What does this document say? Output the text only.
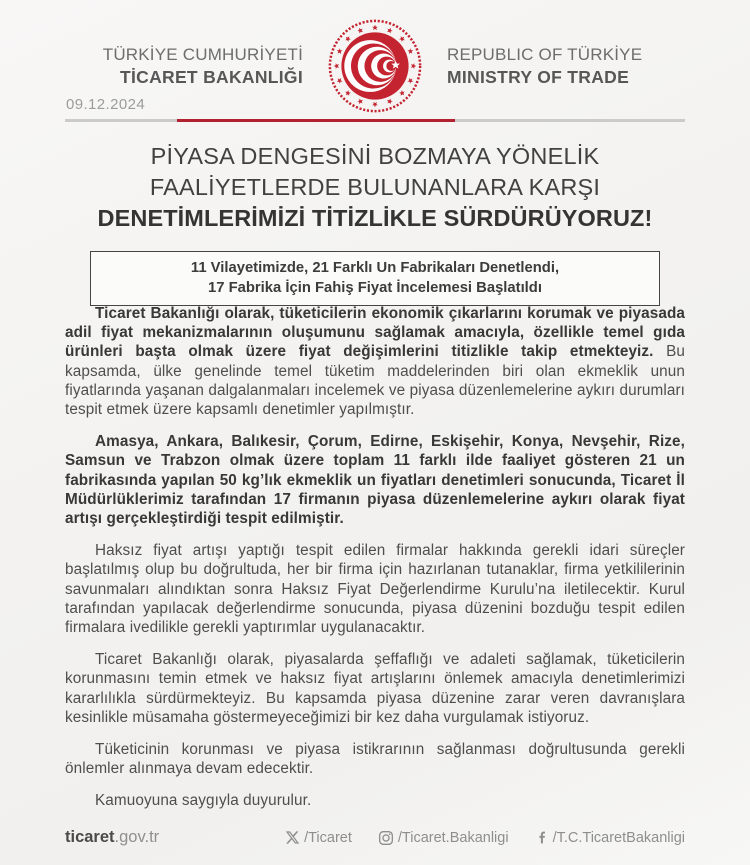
TÜRKİYE CUMHURİYETİ
TİCARET BAKANLIĞI
REPUBLIC OF TÜRKİYE
MINISTRY OF TRADE
09.12.2024
PİYASA DENGESİNİ BOZMAYA YÖNELİK
FAALİYETLERDE BULUNANLARA KARŞI
DENETİMLERİMİZİ TİTİZLİKLE SÜRDÜRÜYORUZ!
11 Vilayetimizde, 21 Farklı Un Fabrikaları Denetlendi,
17 Fabrika İçin Fahiş Fiyat İncelemesi Başlatıldı

Ticaret Bakanlığı olarak, tüketicilerin ekonomik çıkarlarını korumak ve piyasada adil fiyat mekanizmalarının oluşumunu sağlamak amacıyla, özellikle temel gıda ürünleri başta olmak üzere fiyat değişimlerini titizlikle takip etmekteyiz. Bu kapsamda, ülke genelinde temel tüketim maddelerinden biri olan ekmeklik unun fiyatlarında yaşanan dalgalanmaları incelemek ve piyasa düzenlemelerine aykırı durumları tespit etmek üzere kapsamlı denetimler yapılmıştır.

Amasya, Ankara, Balıkesir, Çorum, Edirne, Eskişehir, Konya, Nevşehir, Rize, Samsun ve Trabzon olmak üzere toplam 11 farklı ilde faaliyet gösteren 21 un fabrikasında yapılan 50 kg’lık ekmeklik un fiyatları denetimleri sonucunda, Ticaret İl Müdürlüklerimiz tarafından 17 firmanın piyasa düzenlemelerine aykırı olarak fiyat artışı gerçekleştirdiği tespit edilmiştir.

Haksız fiyat artışı yaptığı tespit edilen firmalar hakkında gerekli idari süreçler başlatılmış olup bu doğrultuda, her bir firma için hazırlanan tutanaklar, firma yetkililerinin savunmaları alındıktan sonra Haksız Fiyat Değerlendirme Kurulu’na iletilecektir. Kurul tarafından yapılacak değerlendirme sonucunda, piyasa düzenini bozduğu tespit edilen firmalara ivedilikle gerekli yaptırımlar uygulanacaktır.

Ticaret Bakanlığı olarak, piyasalarda şeffaflığı ve adaleti sağlamak, tüketicilerin korunmasını temin etmek ve haksız fiyat artışlarını önlemek amacıyla denetimlerimizi kararlılıkla sürdürmekteyiz. Bu kapsamda piyasa düzenine zarar veren davranışlara kesinlikle müsamaha göstermeyeceğimizi bir kez daha vurgulamak istiyoruz.

Tüketicinin korunması ve piyasa istikrarının sağlanması doğrultusunda gerekli önlemler alınmaya devam edecektir.

Kamuoyuna saygıyla duyurulur.

ticaret.gov.tr	/Ticaret	/Ticaret.Bakanligi	/T.C.TicaretBakanligi
